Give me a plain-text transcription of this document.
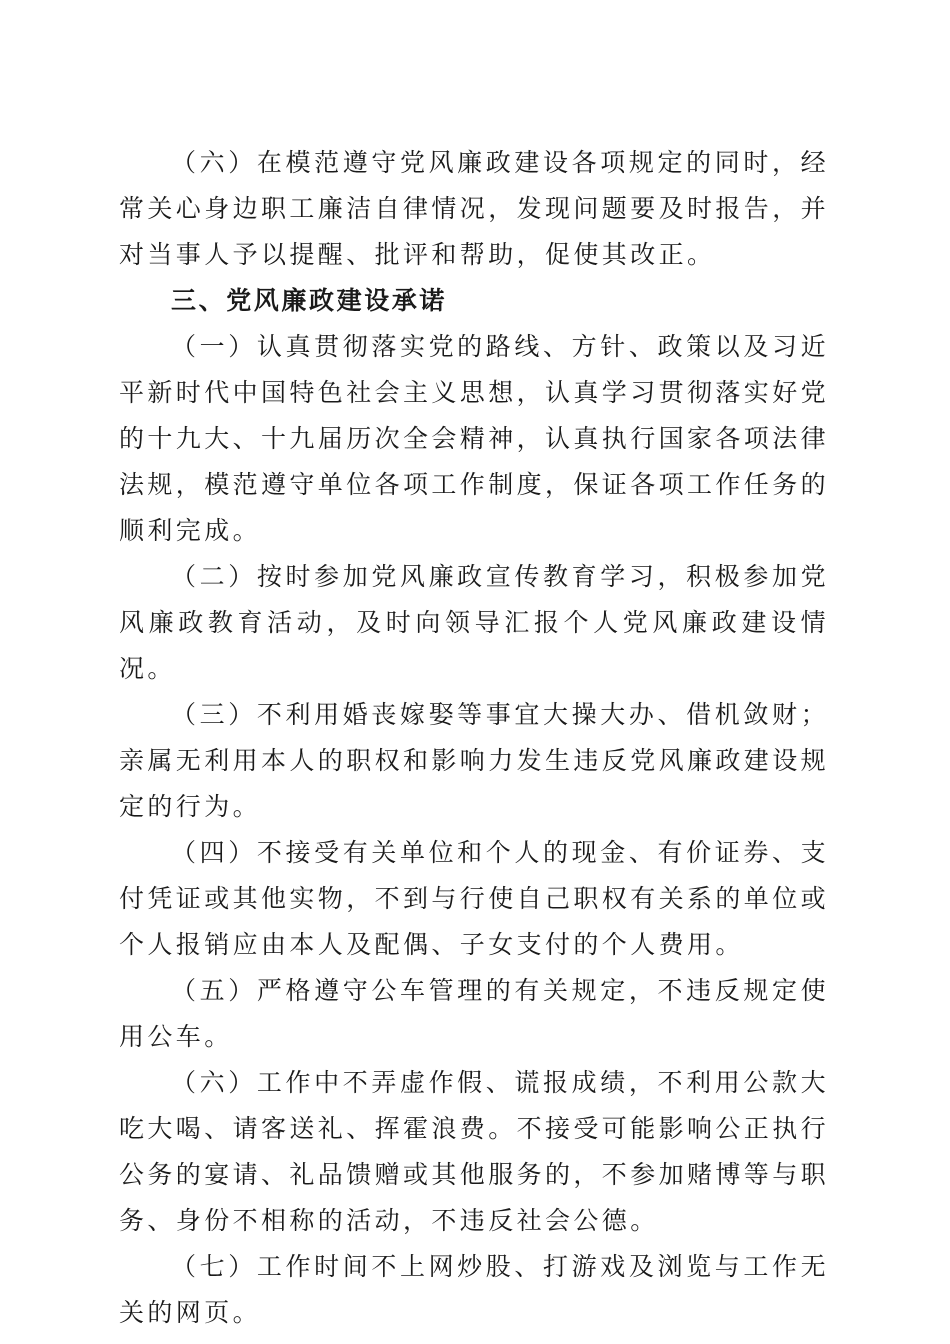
（六）在模范遵守党风廉政建设各项规定的同时，经常关心身边职工廉洁自律情况，发现问题要及时报告，并对当事人予以提醒、批评和帮助，促使其改正。

三、党风廉政建设承诺

（一）认真贯彻落实党的路线、方针、政策以及习近平新时代中国特色社会主义思想，认真学习贯彻落实好党的十九大、十九届历次全会精神，认真执行国家各项法律法规，模范遵守单位各项工作制度，保证各项工作任务的顺利完成。

（二）按时参加党风廉政宣传教育学习，积极参加党风廉政教育活动，及时向领导汇报个人党风廉政建设情况。

（三）不利用婚丧嫁娶等事宜大操大办、借机敛财；亲属无利用本人的职权和影响力发生违反党风廉政建设规定的行为。

（四）不接受有关单位和个人的现金、有价证券、支付凭证或其他实物，不到与行使自己职权有关系的单位或个人报销应由本人及配偶、子女支付的个人费用。

（五）严格遵守公车管理的有关规定，不违反规定使用公车。

（六）工作中不弄虚作假、谎报成绩，不利用公款大吃大喝、请客送礼、挥霍浪费。不接受可能影响公正执行公务的宴请、礼品馈赠或其他服务的，不参加赌博等与职务、身份不相称的活动，不违反社会公德。

（七）工作时间不上网炒股、打游戏及浏览与工作无关的网页。
